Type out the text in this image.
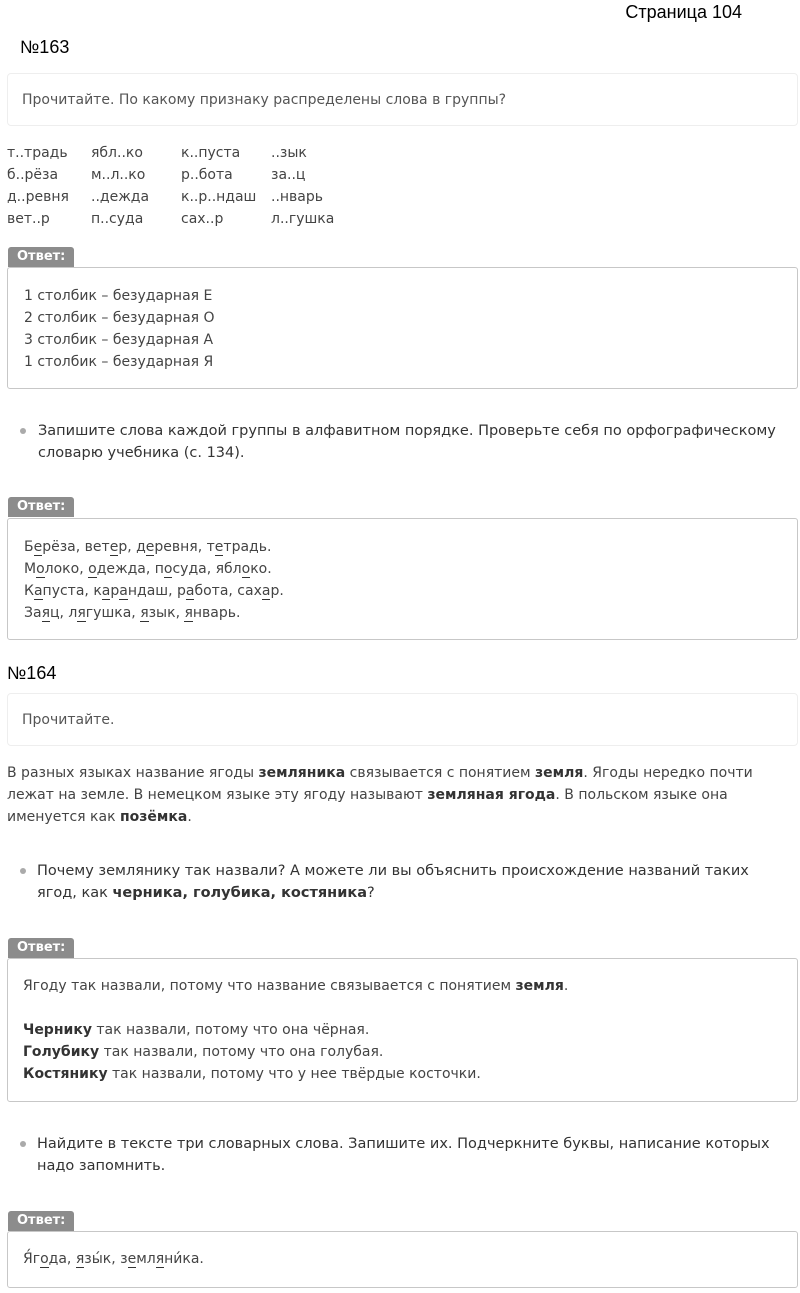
Страница 104
№163
Прочитайте. По какому признаку распределены слова в группы?
т..традь	ябл..ко	к..пуста	..зык
б..рёза	м..л..ко	р..бота	за..ц
д..ревня	..дежда	к..р..ндаш	..нварь
вет..р	п..суда	сах..р	л..гушка
Ответ:
1 столбик – безударная Е
2 столбик – безударная О
3 столбик – безударная А
1 столбик – безударная Я
Запишите слова каждой группы в алфавитном порядке. Проверьте себя по орфографическому словарю учебника (с. 134).
Ответ:
Берёза, ветер, деревня, тетрадь.
Молоко, одежда, посуда, яблоко.
Капуста, карандаш, работа, сахар.
Заяц, лягушка, язык, январь.
№164
Прочитайте.

В разных языках название ягоды земляника связывается с понятием земля. Ягоды нередко почти лежат на земле. В немецком языке эту ягоду называют земляная ягода. В польском языке она именуется как позёмка.

Почему землянику так назвали? А можете ли вы объяснить происхождение названий таких ягод, как черника, голубика, костяника?
Ответ:
Ягоду так назвали, потому что название связывается с понятием земля.
Чернику так назвали, потому что она чёрная.
Голубику так назвали, потому что она голубая.
Костянику так назвали, потому что у нее твёрдые косточки.
Найдите в тексте три словарных слова. Запишите их. Подчеркните буквы, написание которых надо запомнить.
Ответ:
Я́года, язы́к, земляни́ка.
